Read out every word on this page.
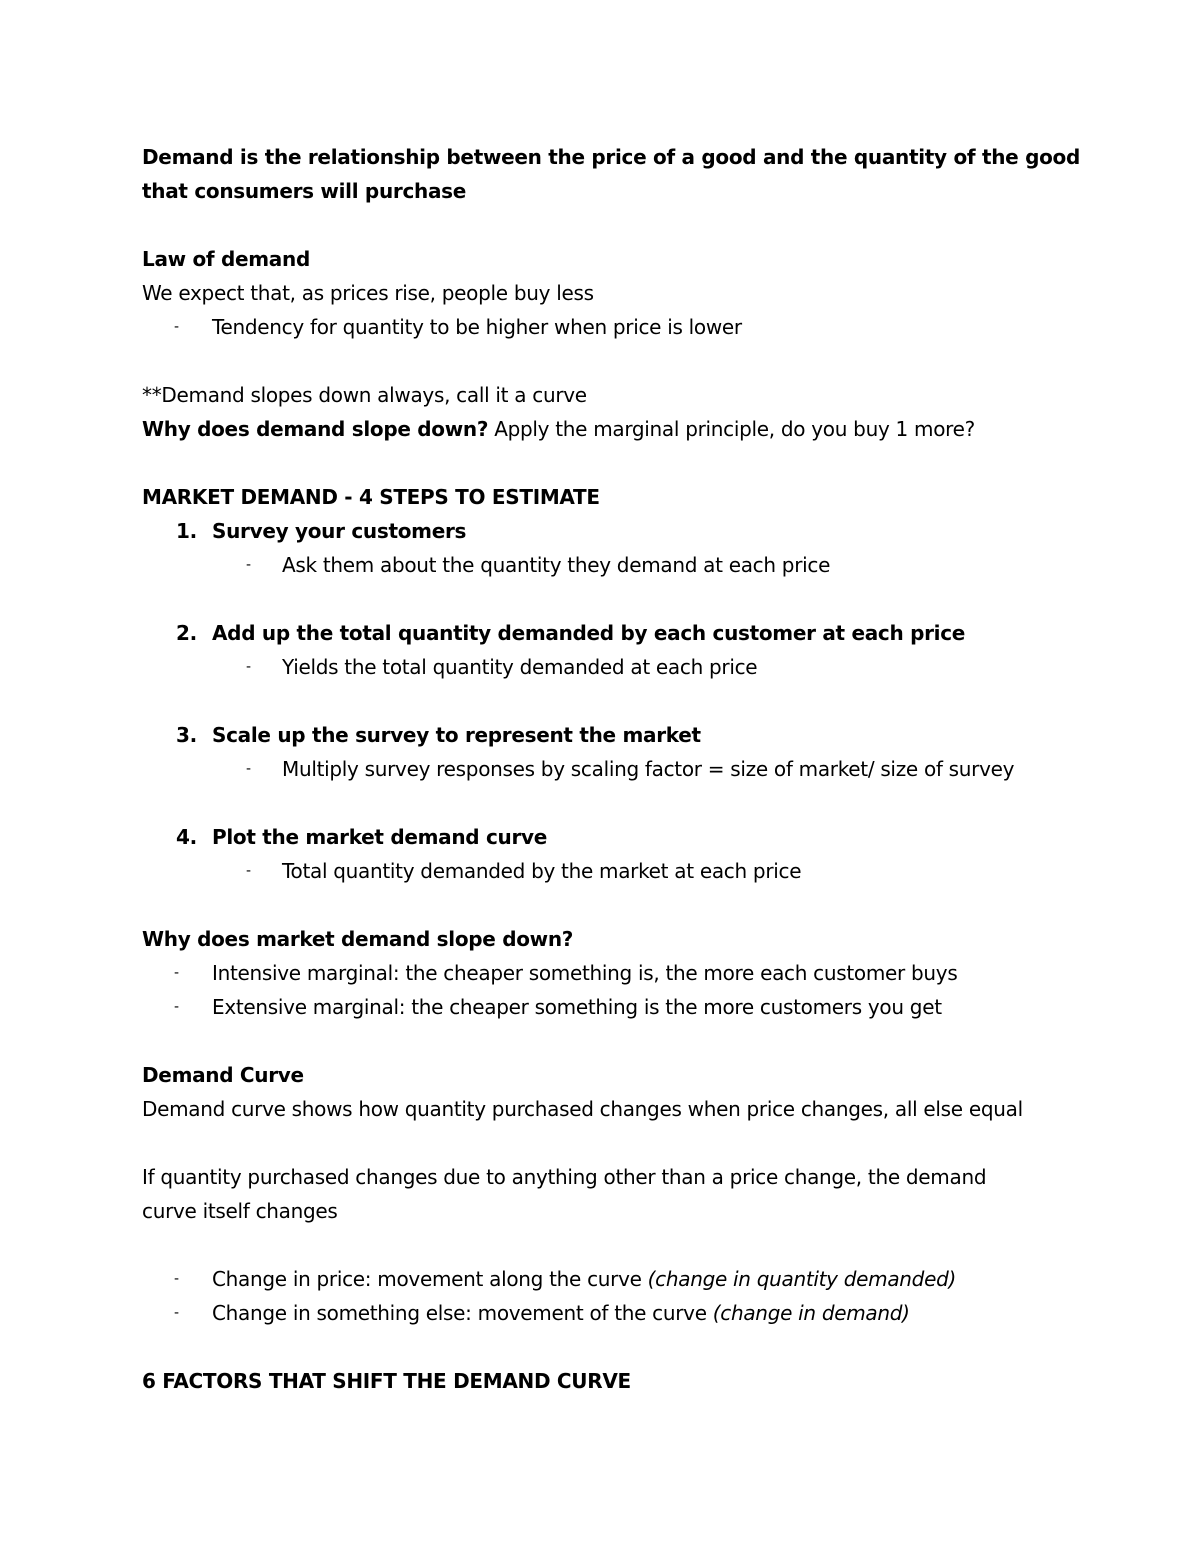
Demand is the relationship between the price of a good and the quantity of the good

that consumers will purchase

Law of demand

We expect that, as prices rise, people buy less

- Tendency for quantity to be higher when price is lower

**Demand slopes down always, call it a curve

Why does demand slope down? Apply the marginal principle, do you buy 1 more?

MARKET DEMAND - 4 STEPS TO ESTIMATE

1. Survey your customers

- Ask them about the quantity they demand at each price

2. Add up the total quantity demanded by each customer at each price

- Yields the total quantity demanded at each price

3. Scale up the survey to represent the market

- Multiply survey responses by scaling factor = size of market/ size of survey

4. Plot the market demand curve

- Total quantity demanded by the market at each price

Why does market demand slope down?

- Intensive marginal: the cheaper something is, the more each customer buys

- Extensive marginal: the cheaper something is the more customers you get

Demand Curve

Demand curve shows how quantity purchased changes when price changes, all else equal

If quantity purchased changes due to anything other than a price change, the demand

curve itself changes

- Change in price: movement along the curve (change in quantity demanded)

- Change in something else: movement of the curve (change in demand)

6 FACTORS THAT SHIFT THE DEMAND CURVE
